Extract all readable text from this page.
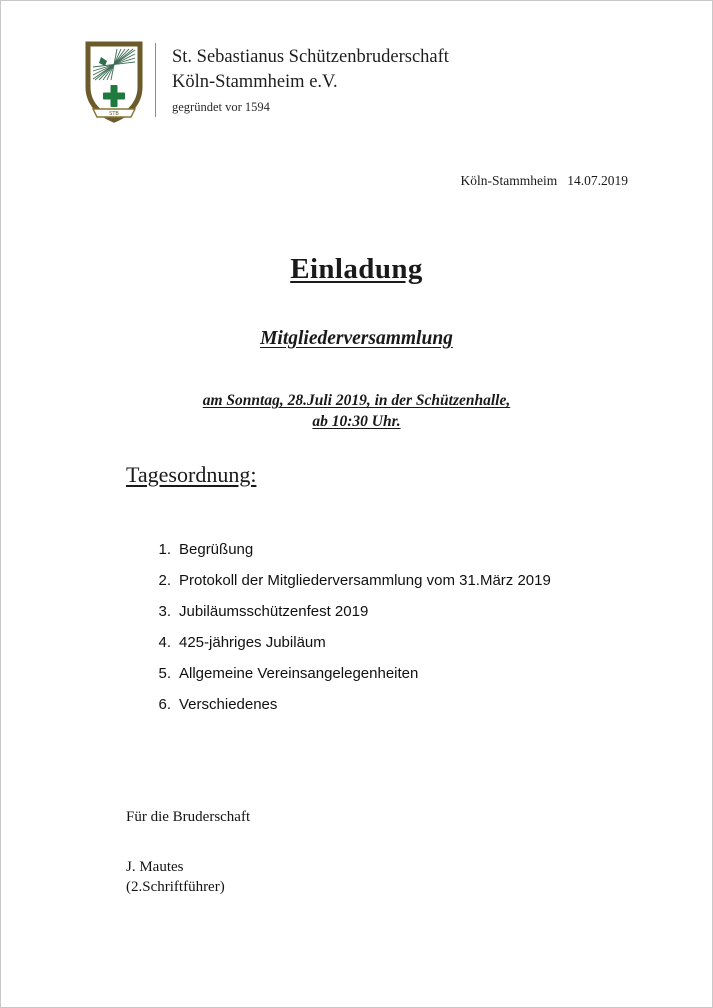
STB
St. Sebastianus Schützenbruderschaft
Köln-Stammheim e.V.
gegründet vor 1594
Köln-Stammheim 14.07.2019
Einladung
Mitgliederversammlung
am Sonntag, 28.Juli 2019, in der Schützenhalle,
ab 10:30 Uhr.
Tagesordnung:
1. Begrüßung
2. Protokoll der Mitgliederversammlung vom 31.März 2019
3. Jubiläumsschützenfest 2019
4. 425-jähriges Jubiläum
5. Allgemeine Vereinsangelegenheiten
6. Verschiedenes
Für die Bruderschaft
J. Mautes
(2.Schriftführer)
